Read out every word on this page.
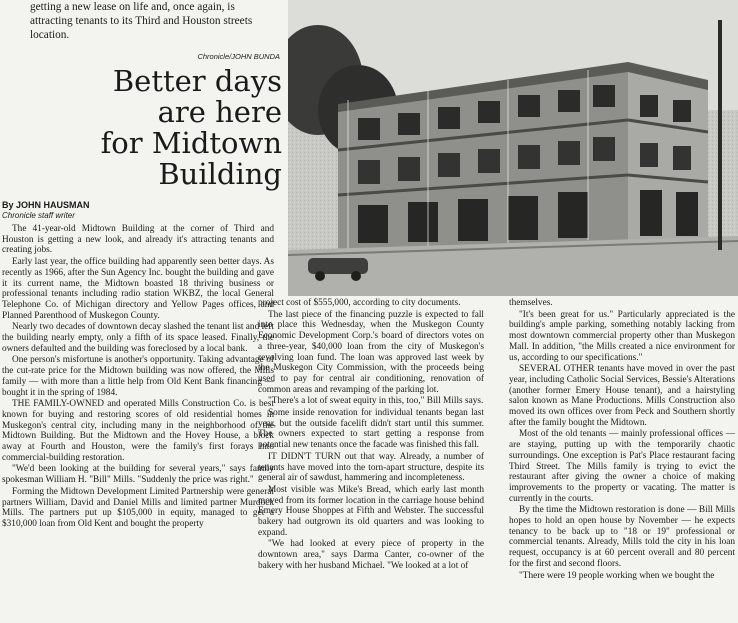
getting a new lease on life and, once again, is attracting tenants to its Third and Houston streets location.
Chronicle/JOHN BUNDA
Better days
are here
for Midtown
Building
By JOHN HAUSMAN
Chronicle staff writer

The 41-year-old Midtown Building at the corner of Third and Houston is getting a new look, and already it's attracting tenants and creating jobs.

Early last year, the office building had apparently seen better days. As recently as 1966, after the Sun Agency Inc. bought the building and gave it its current name, the Midtown boasted 18 thriving business or professional tenants including radio station WKBZ, the local General Telephone Co. of Michigan directory and Yellow Pages offices, and Planned Parenthood of Muskegon County.

Nearly two decades of downtown decay slashed the tenant list and left the building nearly empty, only a fifth of its space leased. Finally, the owners defaulted and the building was foreclosed by a local bank.

One person's misfortune is another's opportunity. Taking advantage of the cut-rate price for the Midtown building was now offered, the Mills family — with more than a little help from Old Kent Bank financing — bought it in the spring of 1984.

THE FAMILY-OWNED and operated Mills Construction Co. is best known for buying and restoring scores of old residential homes in Muskegon's central city, including many in the neighborhood of the Midtown Building. But the Midtown and the Hovey House, a block away at Fourth and Houston, were the family's first forays into commercial-building restoration.

"We'd been looking at the building for several years," says family spokesman William H. "Bill" Mills. "Suddenly the price was right."

Forming the Midtown Development Limited Partnership were general partners William, David and Daniel Mills and limited partner Murdock Mills. The partners put up $105,000 in equity, managed to get a $310,000 loan from Old Kent and bought the property

project cost of $555,000, according to city documents.

The last piece of the financing puzzle is expected to fall into place this Wednesday, when the Muskegon County Economic Development Corp.'s board of directors votes on a three-year, $40,000 loan from the city of Muskegon's revolving loan fund. The loan was approved last week by the Muskegon City Commission, with the proceeds being used to pay for central air conditioning, renovation of common areas and revamping of the parking lot.

"There's a lot of sweat equity in this, too," Bill Mills says.

Some inside renovation for individual tenants began last year, but the outside facelift didn't start until this summer. The owners expected to start getting a response from potential new tenants once the facade was finished this fall.

IT DIDN'T TURN out that way. Already, a number of tenants have moved into the torn-apart structure, despite its general air of sawdust, hammering and incompleteness.

Most visible was Mike's Bread, which early last month moved from its former location in the carriage house behind Emery House Shoppes at Fifth and Webster. The successful bakery had outgrown its old quarters and was looking to expand.

"We had looked at every piece of property in the downtown area," says Darma Canter, co-owner of the bakery with her husband Michael. "We looked at a lot of

themselves.

"It's been great for us." Particularly appreciated is the building's ample parking, something notably lacking from most downtown commercial property other than Muskegon Mall. In addition, "the Mills created a nice environment for us, according to our specifications."

SEVERAL OTHER tenants have moved in over the past year, including Catholic Social Services, Bessie's Alterations (another former Emery House tenant), and a hairstyling salon known as Mane Productions. Mills Construction also moved its own offices over from Peck and Southern shortly after the family bought the Midtown.

Most of the old tenants — mainly professional offices — are staying, putting up with the temporarily chaotic surroundings. One exception is Pat's Place restaurant facing Third Street. The Mills family is trying to evict the restaurant after giving the owner a choice of making improvements to the property or vacating. The matter is currently in the courts.

By the time the Midtown restoration is done — Bill Mills hopes to hold an open house by November — he expects tenancy to be back up to "18 or 19" professional or commercial tenants. Already, Mills told the city in his loan request, occupancy is at 60 percent overall and 80 percent for the first and second floors.

"There were 19 people working when we bought the
